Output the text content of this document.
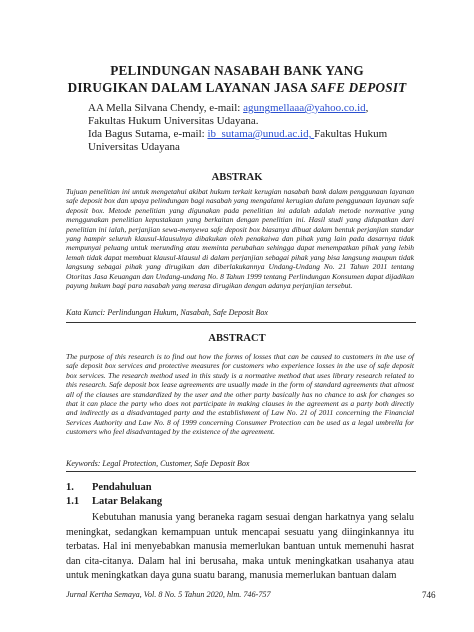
PELINDUNGAN NASABAH BANK YANG
DIRUGIKAN DALAM LAYANAN JASA SAFE DEPOSIT
AA Mella Silvana Chendy, e-mail: agungmellaaa@yahoo.co.id, Fakultas Hukum Universitas Udayana.
Ida Bagus Sutama, e-mail: ib_sutama@unud.ac.id, Fakultas Hukum Universitas Udayana
ABSTRAK
Tujuan penelitian ini untuk mengetahui akibat hukum terkait kerugian nasabah bank dalam penggunaan layanan safe deposit box dan upaya pelindungan bagi nasabah yang mengalami kerugian dalam penggunaan layanan safe deposit box. Metode penelitian yang digunakan pada penelitian ini adalah adalah metode normative yang menggunakan penelitian kepustakaan yang berkaitan dengan penelitian ini. Hasil studi yang didapatkan dari penelitian ini ialah, perjanjian sewa-menyewa safe deposit box biasanya dibuat dalam bentuk perjanjian standar yang hampir seluruh klausul-klausulnya dibakukan oleh penakaiwa dan pihak yang lain pada dasarnya tidak mempunyai peluang untuk merunding atau meminta perubahan sehingga dapat menempatkan pihak yang lebih lemah tidak dapat membuat klausul-klausul di dalam perjanjian sebagai pihak yang bisa langsung maupun tidak langsung sebagai pihak yang dirugikan dan diberlakukannya Undang-Undang No. 21 Tahun 2011 tentang Otoritas Jasa Keuangan dan Undang-undang No. 8 Tahun 1999 tentang Perlindungan Konsumen dapat dijadikan payung hukum bagi para nasabah yang merasa dirugikan dengan adanya perjanjian tersebut.
Kata Kunci: Perlindungan Hukum, Nasabah, Safe Deposit Box
ABSTRACT
The purpose of this research is to find out how the forms of losses that can be caused to customers in the use of safe deposit box services and protective measures for customers who experience losses in the use of safe deposit box services. The research method used in this study is a normative method that uses library research related to this research. Safe deposit box lease agreements are usually made in the form of standard agreements that almost all of the clauses are standardized by the user and the other party basically has no chance to ask for changes so that it can place the party who does not participate in making clauses in the agreement as a party both directly and indirectly as a disadvantaged party and the establishment of Law No. 21 of 2011 concerning the Financial Services Authority and Law No. 8 of 1999 concerning Consumer Protection can be used as a legal umbrella for customers who feel disadvantaged by the existence of the agreement.
Keywords: Legal Protection, Customer, Safe Deposit Box
1. Pendahuluan
1.1 Latar Belakang
Kebutuhan manusia yang beraneka ragam sesuai dengan harkatnya yang selalu meningkat, sedangkan kemampuan untuk mencapai sesuatu yang diinginkannya itu terbatas. Hal ini menyebabkan manusia memerlukan bantuan untuk memenuhi hasrat dan cita-citanya. Dalam hal ini berusaha, maka untuk meningkatkan usahanya atau untuk meningkatkan daya guna suatu barang, manusia memerlukan bantuan dalam
Jurnal Kertha Semaya, Vol. 8 No. 5 Tahun 2020, hlm. 746-757	746
